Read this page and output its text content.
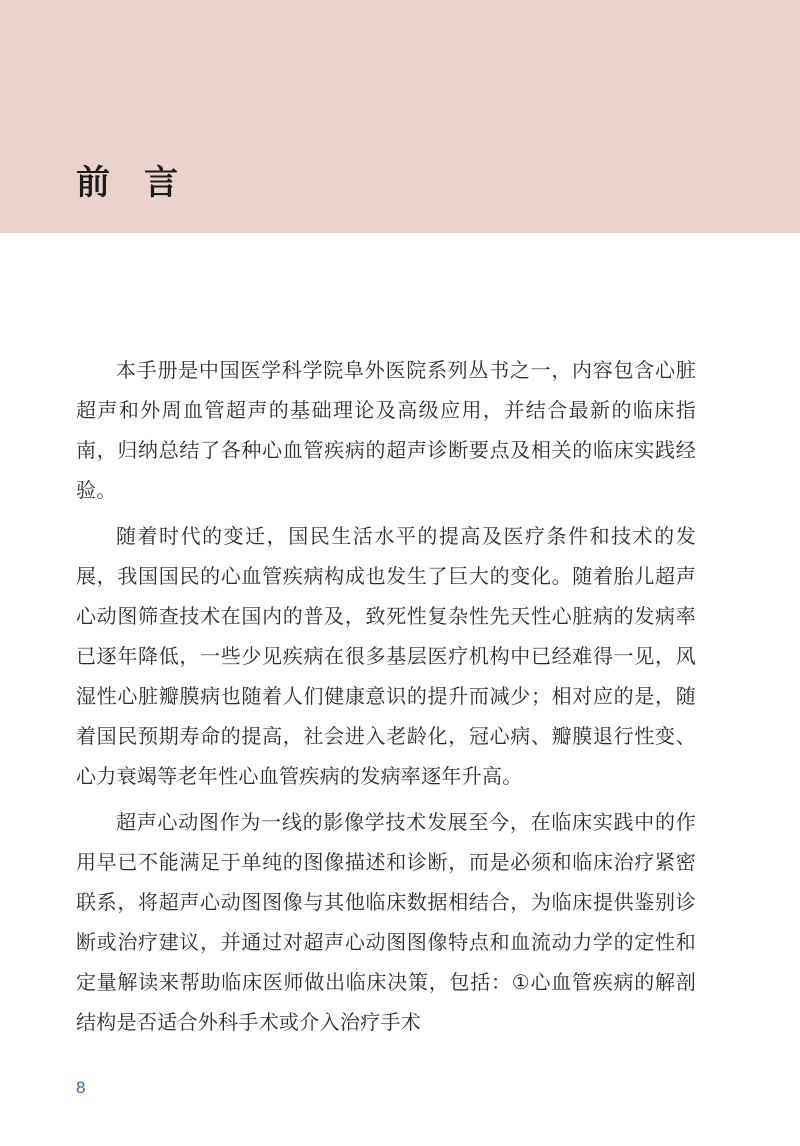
前言

本手册是中国医学科学院阜外医院系列丛书之一，内容包含心脏超声和外周血管超声的基础理论及高级应用，并结合最新的临床指南，归纳总结了各种心血管疾病的超声诊断要点及相关的临床实践经验。

随着时代的变迁，国民生活水平的提高及医疗条件和技术的发展，我国国民的心血管疾病构成也发生了巨大的变化。随着胎儿超声心动图筛查技术在国内的普及，致死性复杂性先天性心脏病的发病率已逐年降低，一些少见疾病在很多基层医疗机构中已经难得一见，风湿性心脏瓣膜病也随着人们健康意识的提升而减少；相对应的是，随着国民预期寿命的提高，社会进入老龄化，冠心病、瓣膜退行性变、心力衰竭等老年性心血管疾病的发病率逐年升高。

超声心动图作为一线的影像学技术发展至今，在临床实践中的作用早已不能满足于单纯的图像描述和诊断，而是必须和临床治疗紧密联系，将超声心动图图像与其他临床数据相结合，为临床提供鉴别诊断或治疗建议，并通过对超声心动图图像特点和血流动力学的定性和定量解读来帮助临床医师做出临床决策，包括：①心血管疾病的解剖结构是否适合外科手术或介入治疗手术

8
